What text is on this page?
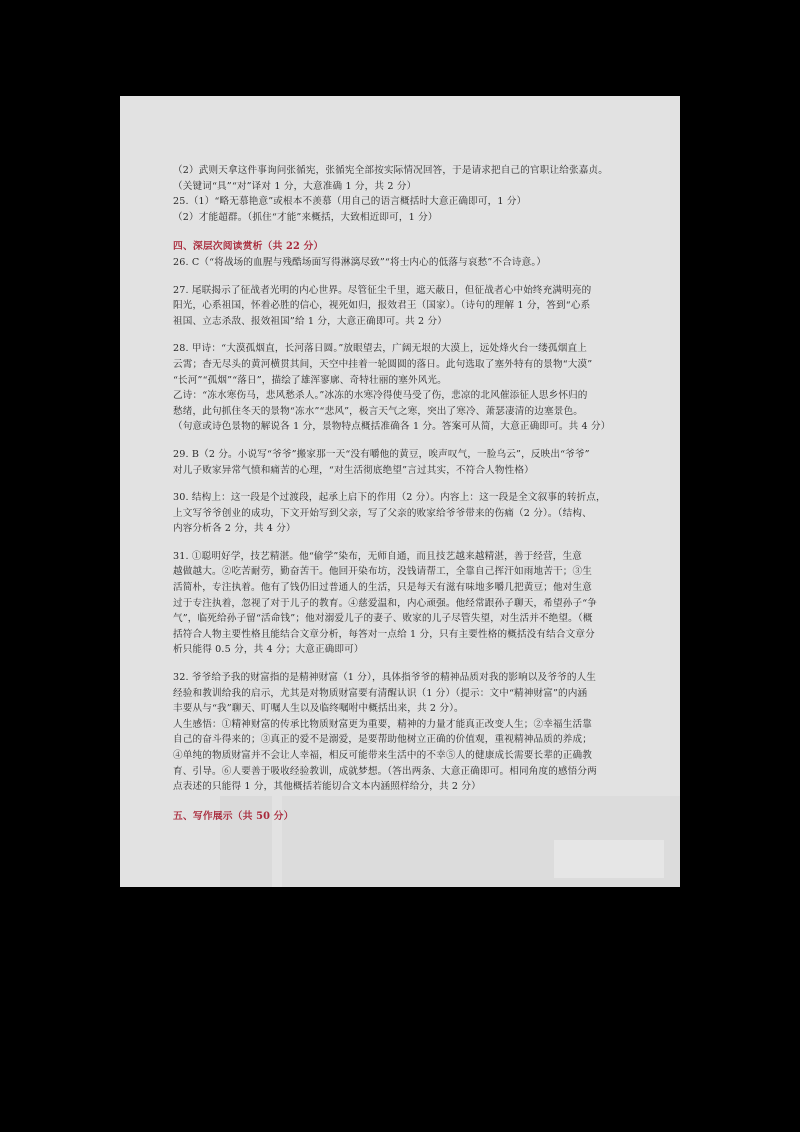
（2）武则天拿这件事询问张循宪，张循宪全部按实际情况回答，于是请求把自己的官职让给张嘉贞。
（关键词“具”“对”译对 1 分，大意准确 1 分，共 2 分）
25.（1）“略无慕艳意”或根本不羡慕（用自己的语言概括时大意正确即可，1 分）
（2）才能超群。（抓住“才能”来概括，大致相近即可，1 分）
四、深层次阅读赏析（共 22 分）
26. C（“将战场的血腥与残酷场面写得淋漓尽致”“将士内心的低落与哀愁”不合诗意。）
27. 尾联揭示了征战者光明的内心世界。尽管征尘千里，遮天蔽日，但征战者心中始终充满明亮的
阳光，心系祖国，怀着必胜的信心，视死如归，报效君王（国家）。（诗句的理解 1 分，答到“心系
祖国、立志杀敌、报效祖国”给 1 分，大意正确即可。共 2 分）
28. 甲诗：“大漠孤烟直，长河落日圆。”放眼望去，广阔无垠的大漠上，远处烽火台一缕孤烟直上
云霄；杳无尽头的黄河横贯其间，天空中挂着一轮圆圆的落日。此句选取了塞外特有的景物“大漠”
“长河”“孤烟”“落日”，描绘了雄浑寥廓、奇特壮丽的塞外风光。
乙诗：“冻水寒伤马，悲风愁杀人。”冰冻的水寒冷得使马受了伤，悲凉的北风催添征人思乡怀归的
愁绪，此句抓住冬天的景物“冻水”“悲风”，极言天气之寒，突出了寒冷、萧瑟凄清的边塞景色。
（句意或诗色景物的解说各 1 分，景物特点概括准确各 1 分。答案可从简，大意正确即可。共 4 分）
29. B（2 分。小说写“爷爷”搬家那一天“没有嚼他的黄豆，唉声叹气，一脸乌云”，反映出“爷爷”
对儿子败家异常气愤和痛苦的心理，“对生活彻底绝望”言过其实，不符合人物性格）
30. 结构上：这一段是个过渡段，起承上启下的作用（2 分）。内容上：这一段是全文叙事的转折点，
上文写爷爷创业的成功，下文开始写到父亲，写了父亲的败家给爷爷带来的伤痛（2 分）。（结构、
内容分析各 2 分，共 4 分）
31. ①聪明好学，技艺精湛。他“偷学”染布，无师自通，而且技艺越来越精湛，善于经营，生意
越做越大。②吃苦耐劳，勤奋苦干。他回开染布坊，没钱请帮工，全靠自己挥汗如雨地苦干；③生
活简朴，专注执着。他有了钱仍旧过普通人的生活，只是每天有滋有味地多嚼几把黄豆；他对生意
过于专注执着，忽视了对于儿子的教育。④慈爱温和，内心顽强。他经常跟孙子聊天，希望孙子“争
气”，临死给孙子留“活命钱”；他对溺爱儿子的妻子、败家的儿子尽管失望，对生活并不绝望。（概
括符合人物主要性格且能结合文章分析，每答对一点给 1 分，只有主要性格的概括没有结合文章分
析只能得 0.5 分，共 4 分；大意正确即可）
32. 爷爷给予我的财富指的是精神财富（1 分），具体指爷爷的精神品质对我的影响以及爷爷的人生
经验和教训给我的启示，尤其是对物质财富要有清醒认识（1 分）（提示：文中“精神财富”的内涵
丰要从与“我”聊天、叮嘱人生以及临终嘱咐中概括出来，共 2 分）。
人生感悟：①精神财富的传承比物质财富更为重要，精神的力量才能真正改变人生；②幸福生活靠
自己的奋斗得来的；③真正的爱不是溺爱，是要帮助他树立正确的价值观，重视精神品质的养成；
④单纯的物质财富并不会让人幸福，相反可能带来生活中的不幸⑤人的健康成长需要长辈的正确教
育、引导。⑥人要善于吸收经验教训，成就梦想。（答出两条、大意正确即可。相同角度的感悟分两
点表述的只能得 1 分，其他概括若能切合文本内涵照样给分，共 2 分）
五、写作展示（共 50 分）
